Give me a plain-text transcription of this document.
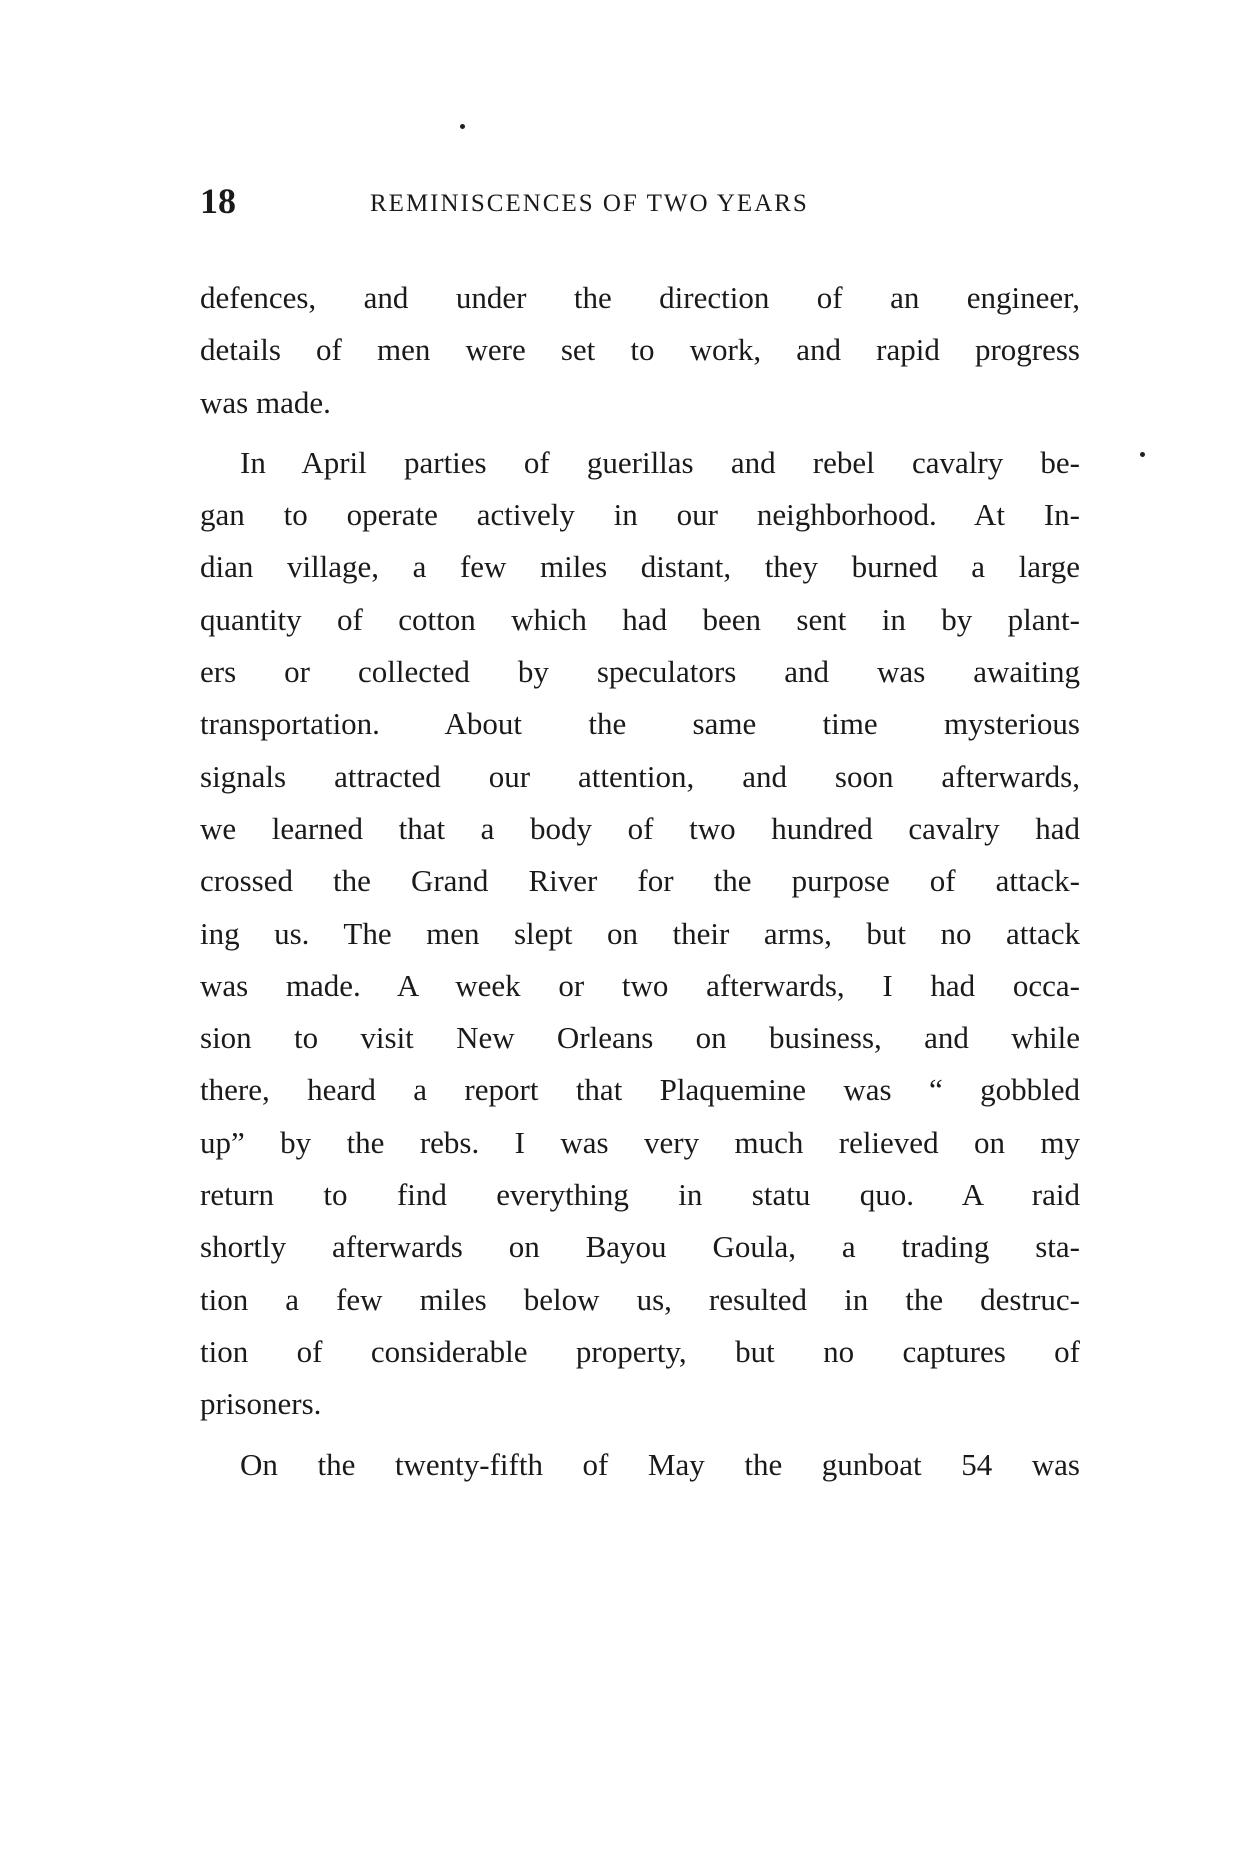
18	REMINISCENCES OF TWO YEARS
defences, and under the direction of an engineer,
details of men were set to work, and rapid progress
was made.
In April parties of guerillas and rebel cavalry be-
gan to operate actively in our neighborhood. At In-
dian village, a few miles distant, they burned a large
quantity of cotton which had been sent in by plant-
ers or collected by speculators and was awaiting
transportation. About the same time mysterious
signals attracted our attention, and soon afterwards,
we learned that a body of two hundred cavalry had
crossed the Grand River for the purpose of attack-
ing us. The men slept on their arms, but no attack
was made. A week or two afterwards, I had occa-
sion to visit New Orleans on business, and while
there, heard a report that Plaquemine was “ gobbled
up” by the rebs. I was very much relieved on my
return to find everything in statu quo. A raid
shortly afterwards on Bayou Goula, a trading sta-
tion a few miles below us, resulted in the destruc-
tion of considerable property, but no captures of
prisoners.
On the twenty-fifth of May the gunboat 54 was
